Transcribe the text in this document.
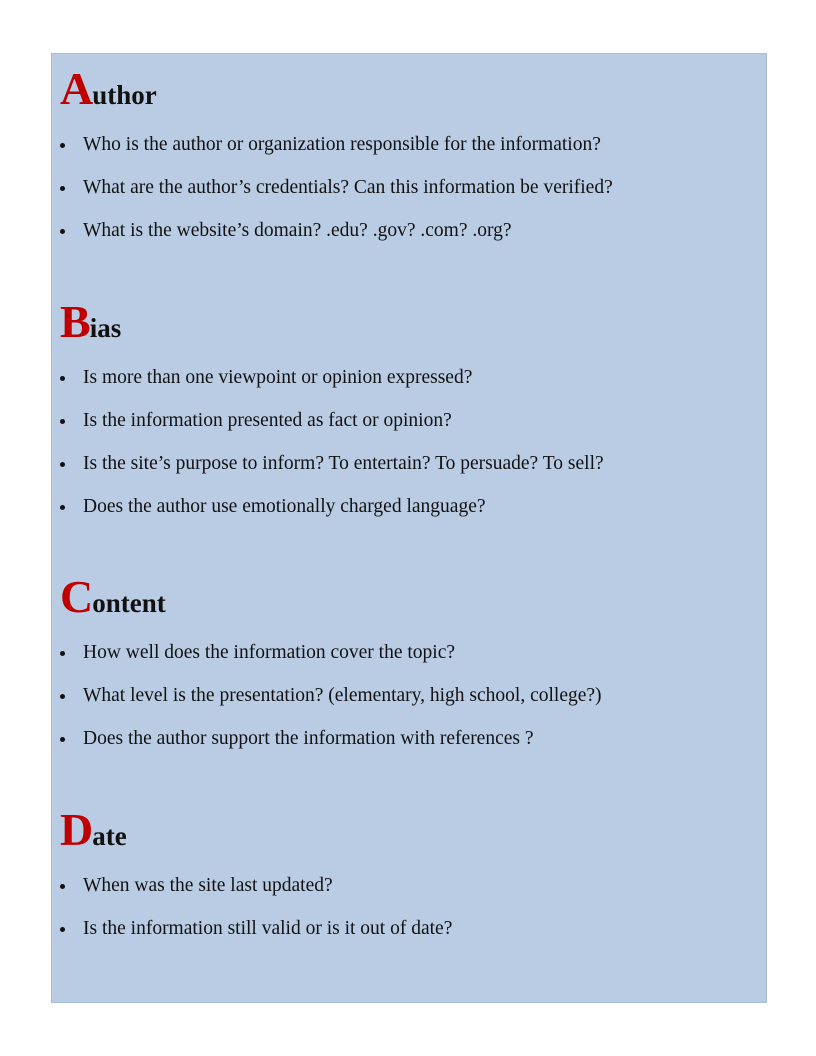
Author
Who is the author or organization responsible for the information?
What are the author’s credentials? Can this information be verified?
What is the website’s domain? .edu? .gov? .com? .org?
Bias
Is more than one viewpoint or opinion expressed?
Is the information presented as fact or opinion?
Is the site’s purpose to inform? To entertain? To persuade? To sell?
Does the author use emotionally charged language?
Content
How well does the information cover the topic?
What level is the presentation? (elementary, high school, college?)
Does the author support the information with references ?
Date
When was the site last updated?
Is the information still valid or is it out of date?
